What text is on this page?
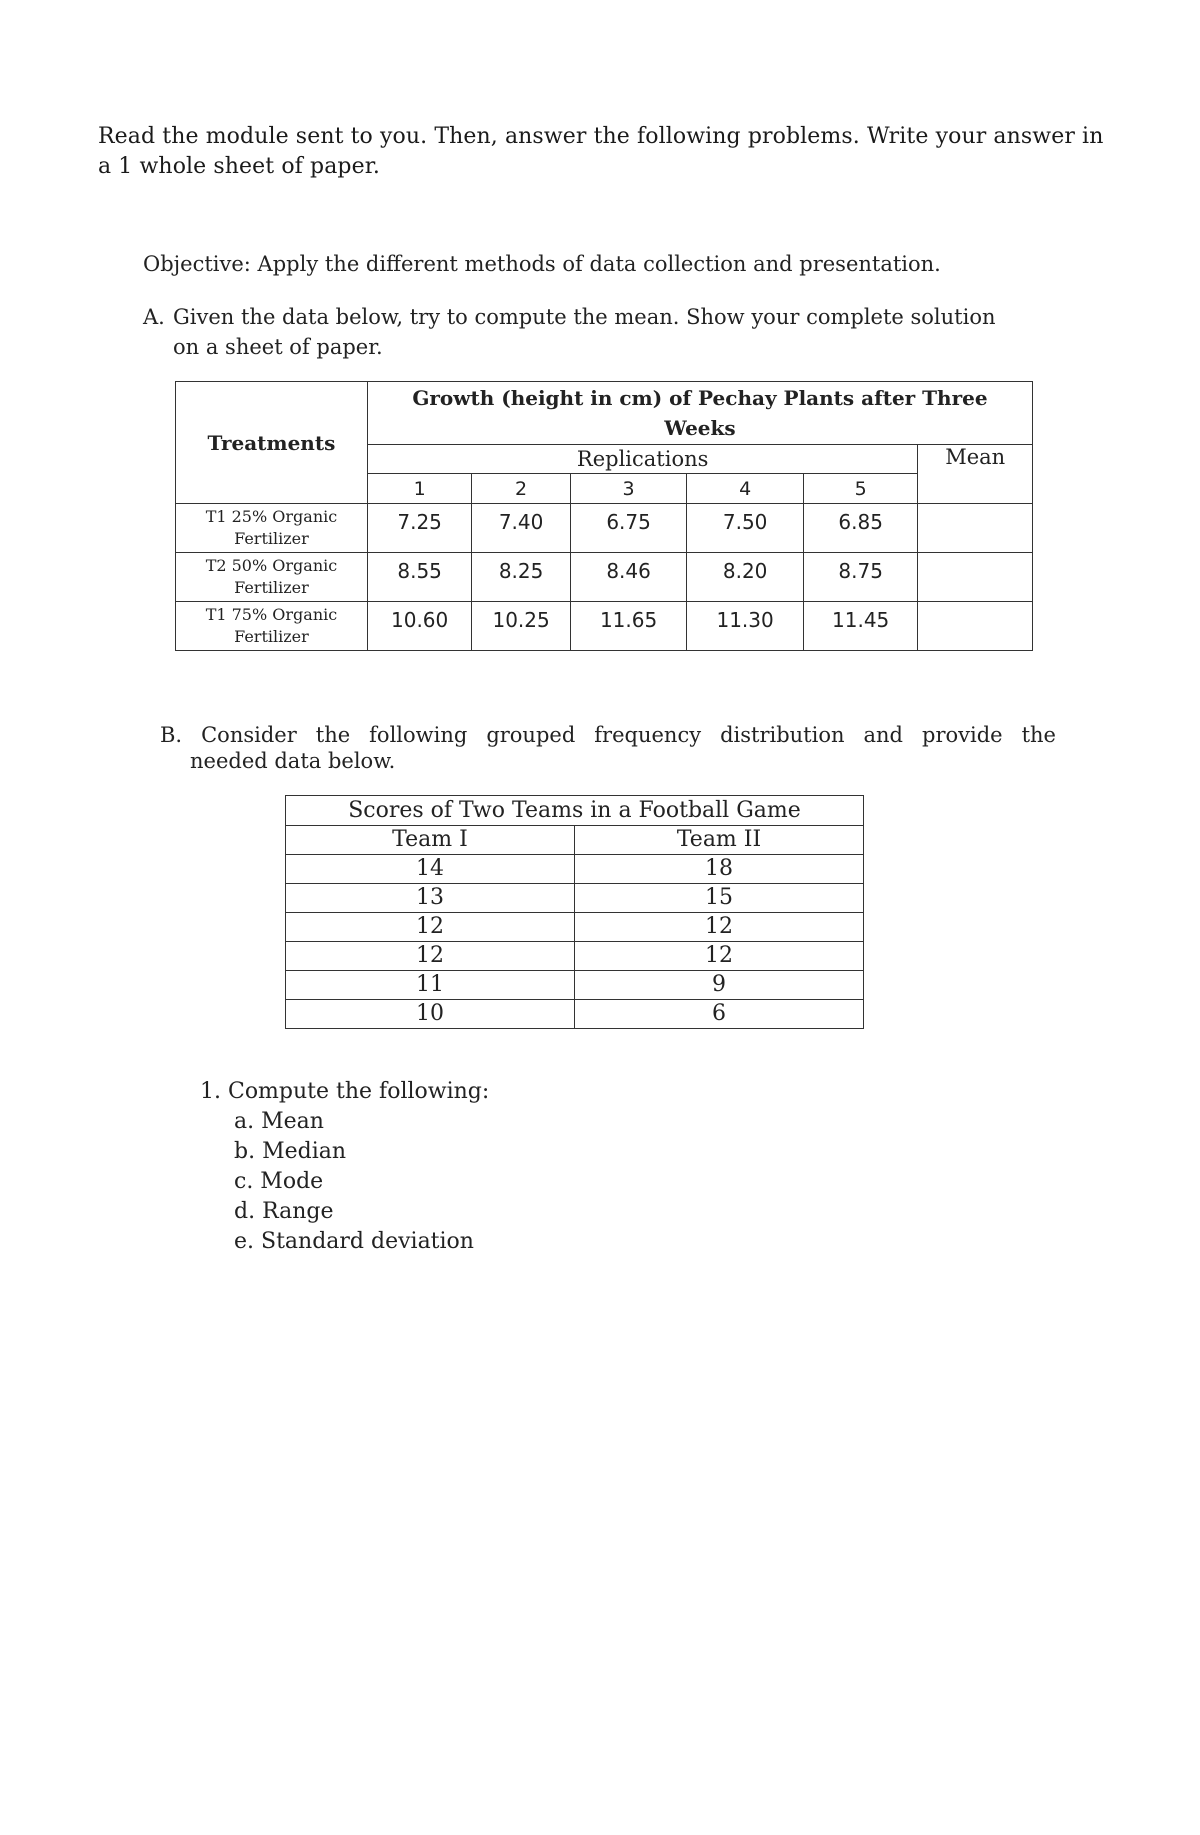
Read the module sent to you. Then, answer the following problems. Write your answer in
a 1 whole sheet of paper.
Objective: Apply the different methods of data collection and presentation.
A. Given the data below, try to compute the mean. Show your complete solution
on a sheet of paper.
Treatments	Growth (height in cm) of Pechay Plants after Three
Weeks					

	Replications					Mean
	1	2	3	4	5	

T1 25% Organic
Fertilizer	7.25	7.40	6.75	7.50	6.85	

T2 50% Organic
Fertilizer	8.55	8.25	8.46	8.20	8.75	

T1 75% Organic
Fertilizer	10.60	10.25	11.65	11.30	11.45	
B. Consider the following grouped frequency distribution and provide the
needed data below.
Scores of Two Teams in a Football Game	
Team I	Team II
14	18
13	15
12	12
12	12
11	9
10	6
1. Compute the following:
a. Mean
b. Median
c. Mode
d. Range
e. Standard deviation
